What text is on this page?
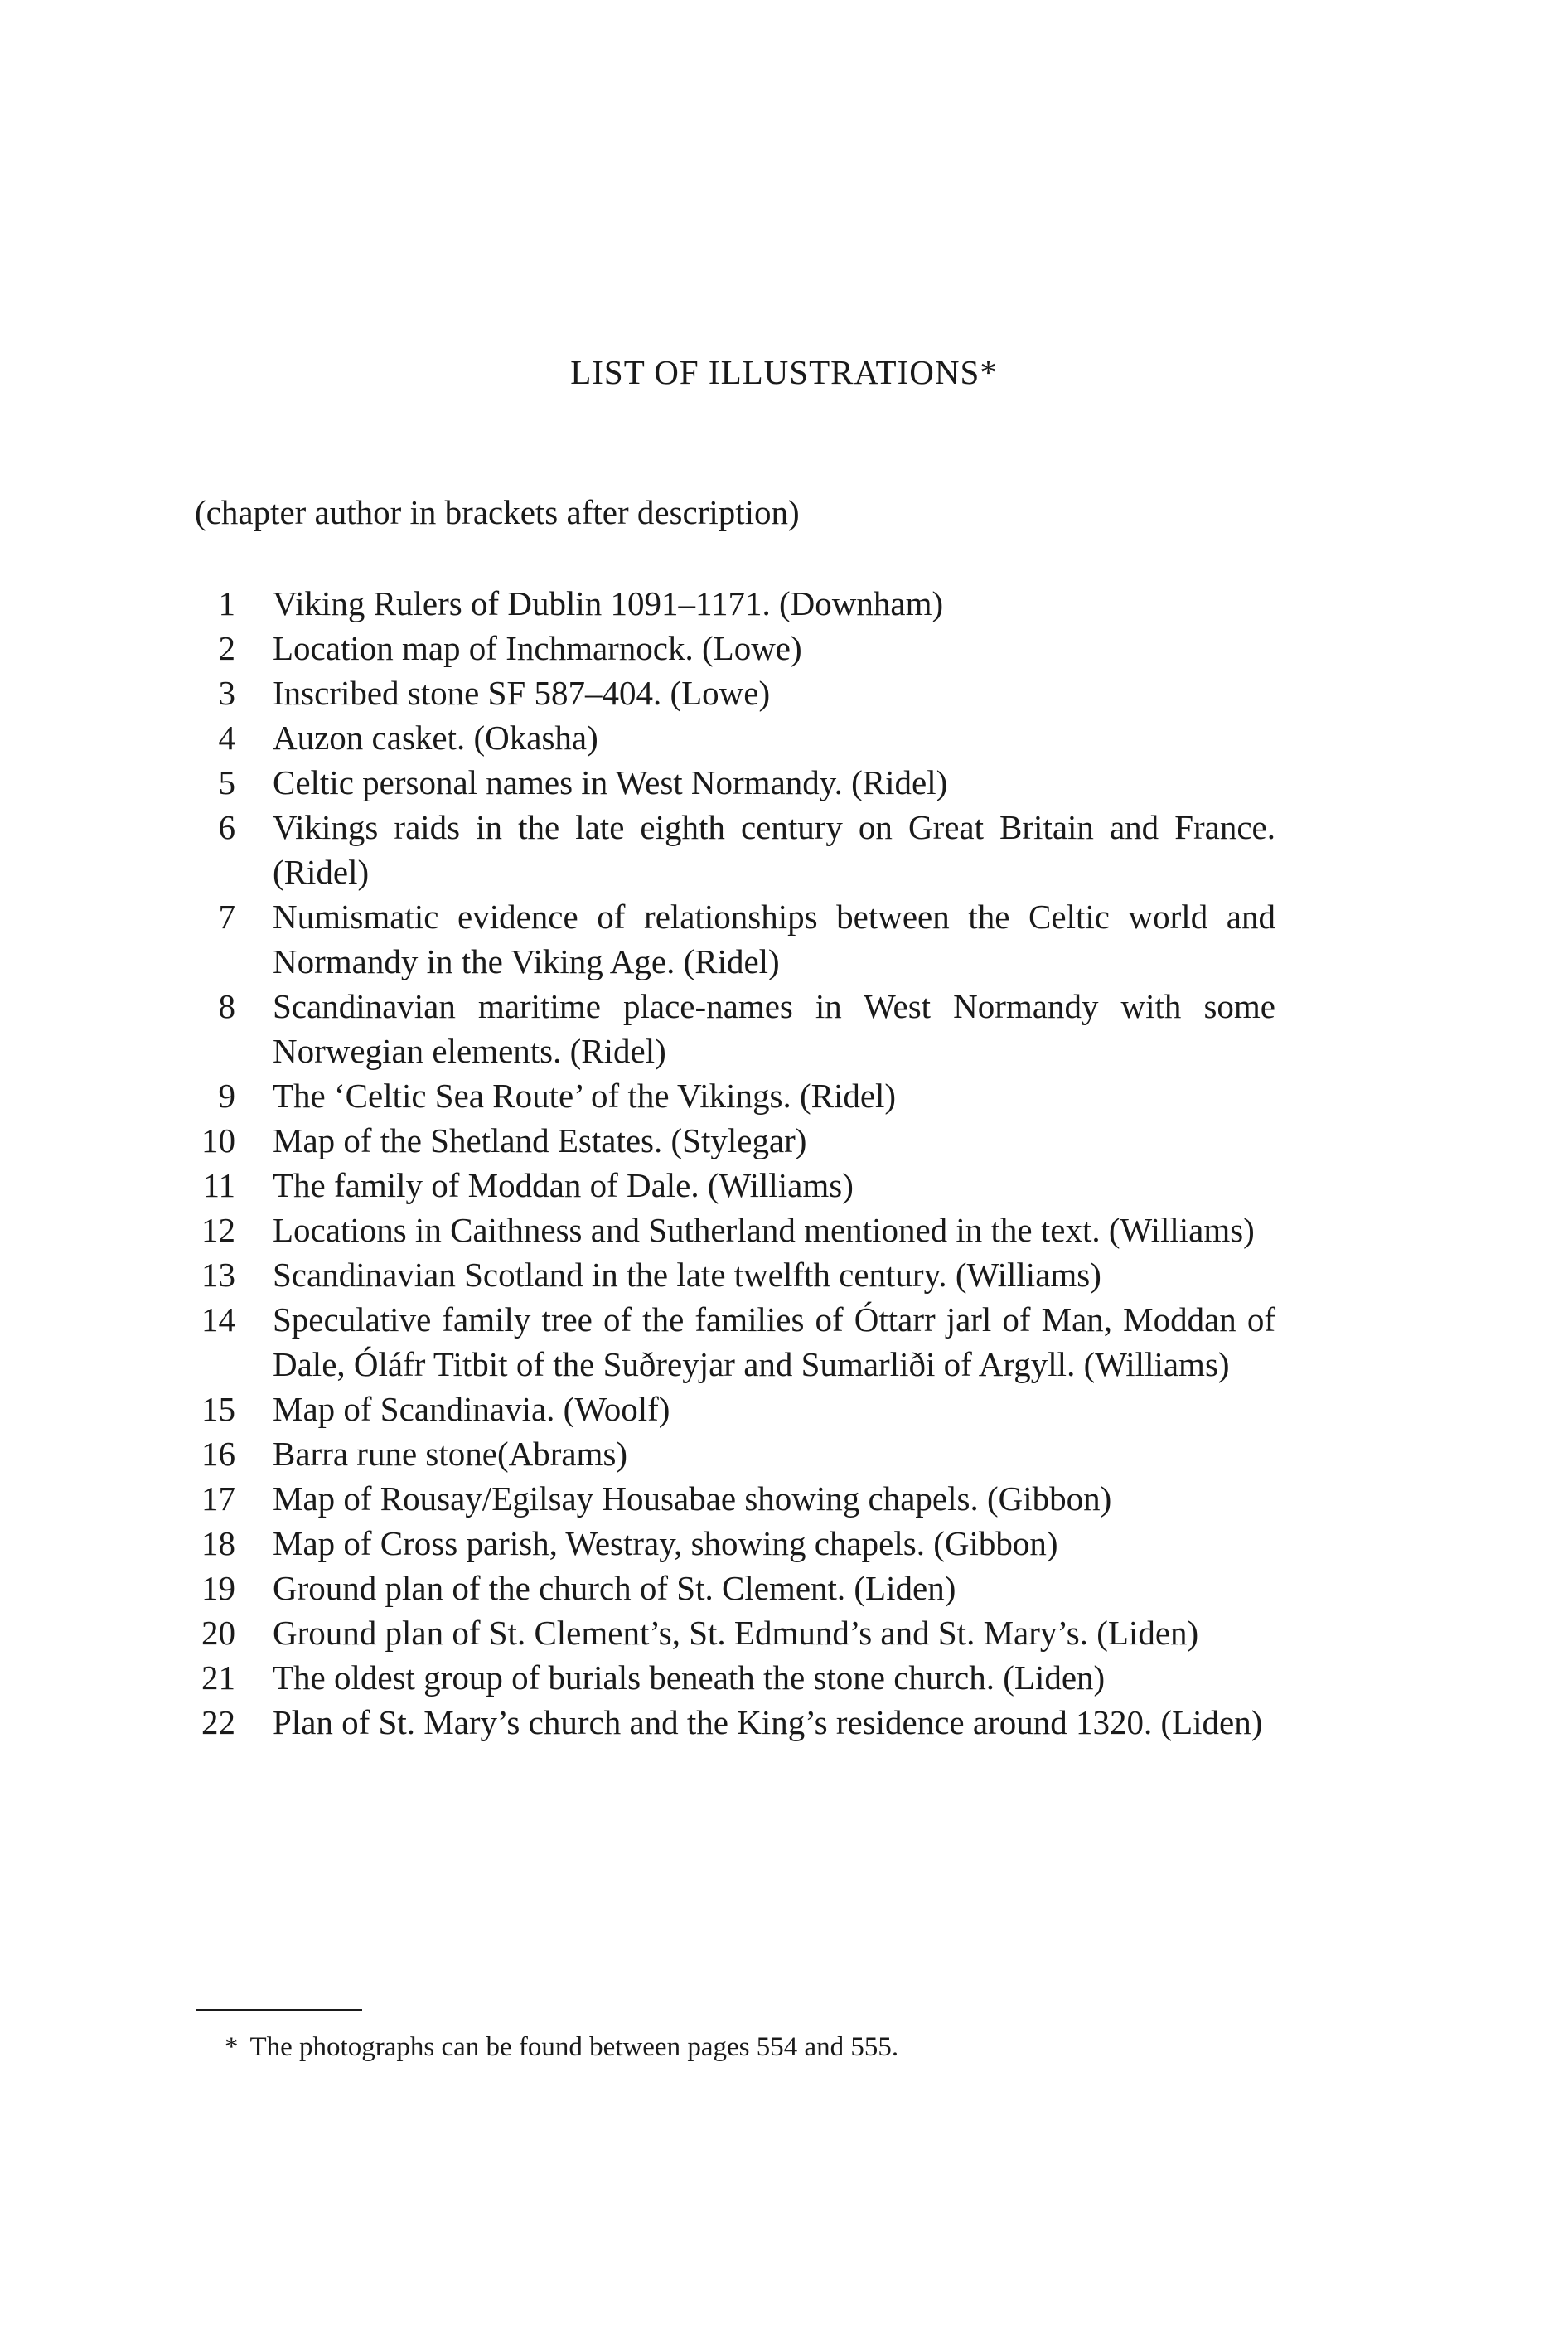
LIST OF ILLUSTRATIONS*
(chapter author in brackets after description)
1 Viking Rulers of Dublin 1091–1171. (Downham)
2 Location map of Inchmarnock. (Lowe)
3 Inscribed stone SF 587–404. (Lowe)
4 Auzon casket. (Okasha)
5 Celtic personal names in West Normandy. (Ridel)
6 Vikings raids in the late eighth century on Great Britain and France. (Ridel)
7 Numismatic evidence of relationships between the Celtic world and Normandy in the Viking Age. (Ridel)
8 Scandinavian maritime place-names in West Normandy with some Norwegian elements. (Ridel)
9 The ‘Celtic Sea Route’ of the Vikings. (Ridel)
10 Map of the Shetland Estates. (Stylegar)
11 The family of Moddan of Dale. (Williams)
12 Locations in Caithness and Sutherland mentioned in the text. (Williams)
13 Scandinavian Scotland in the late twelfth century. (Williams)
14 Speculative family tree of the families of Óttarr jarl of Man, Moddan of Dale, Óláfr Titbit of the Suðreyjar and Sumarliði of Argyll. (Williams)
15 Map of Scandinavia. (Woolf)
16 Barra rune stone(Abrams)
17 Map of Rousay/Egilsay Housabae showing chapels. (Gibbon)
18 Map of Cross parish, Westray, showing chapels. (Gibbon)
19 Ground plan of the church of St. Clement. (Liden)
20 Ground plan of St. Clement’s, St. Edmund’s and St. Mary’s. (Liden)
21 The oldest group of burials beneath the stone church. (Liden)
22 Plan of St. Mary’s church and the King’s residence around 1320. (Liden)
* The photographs can be found between pages 554 and 555.
